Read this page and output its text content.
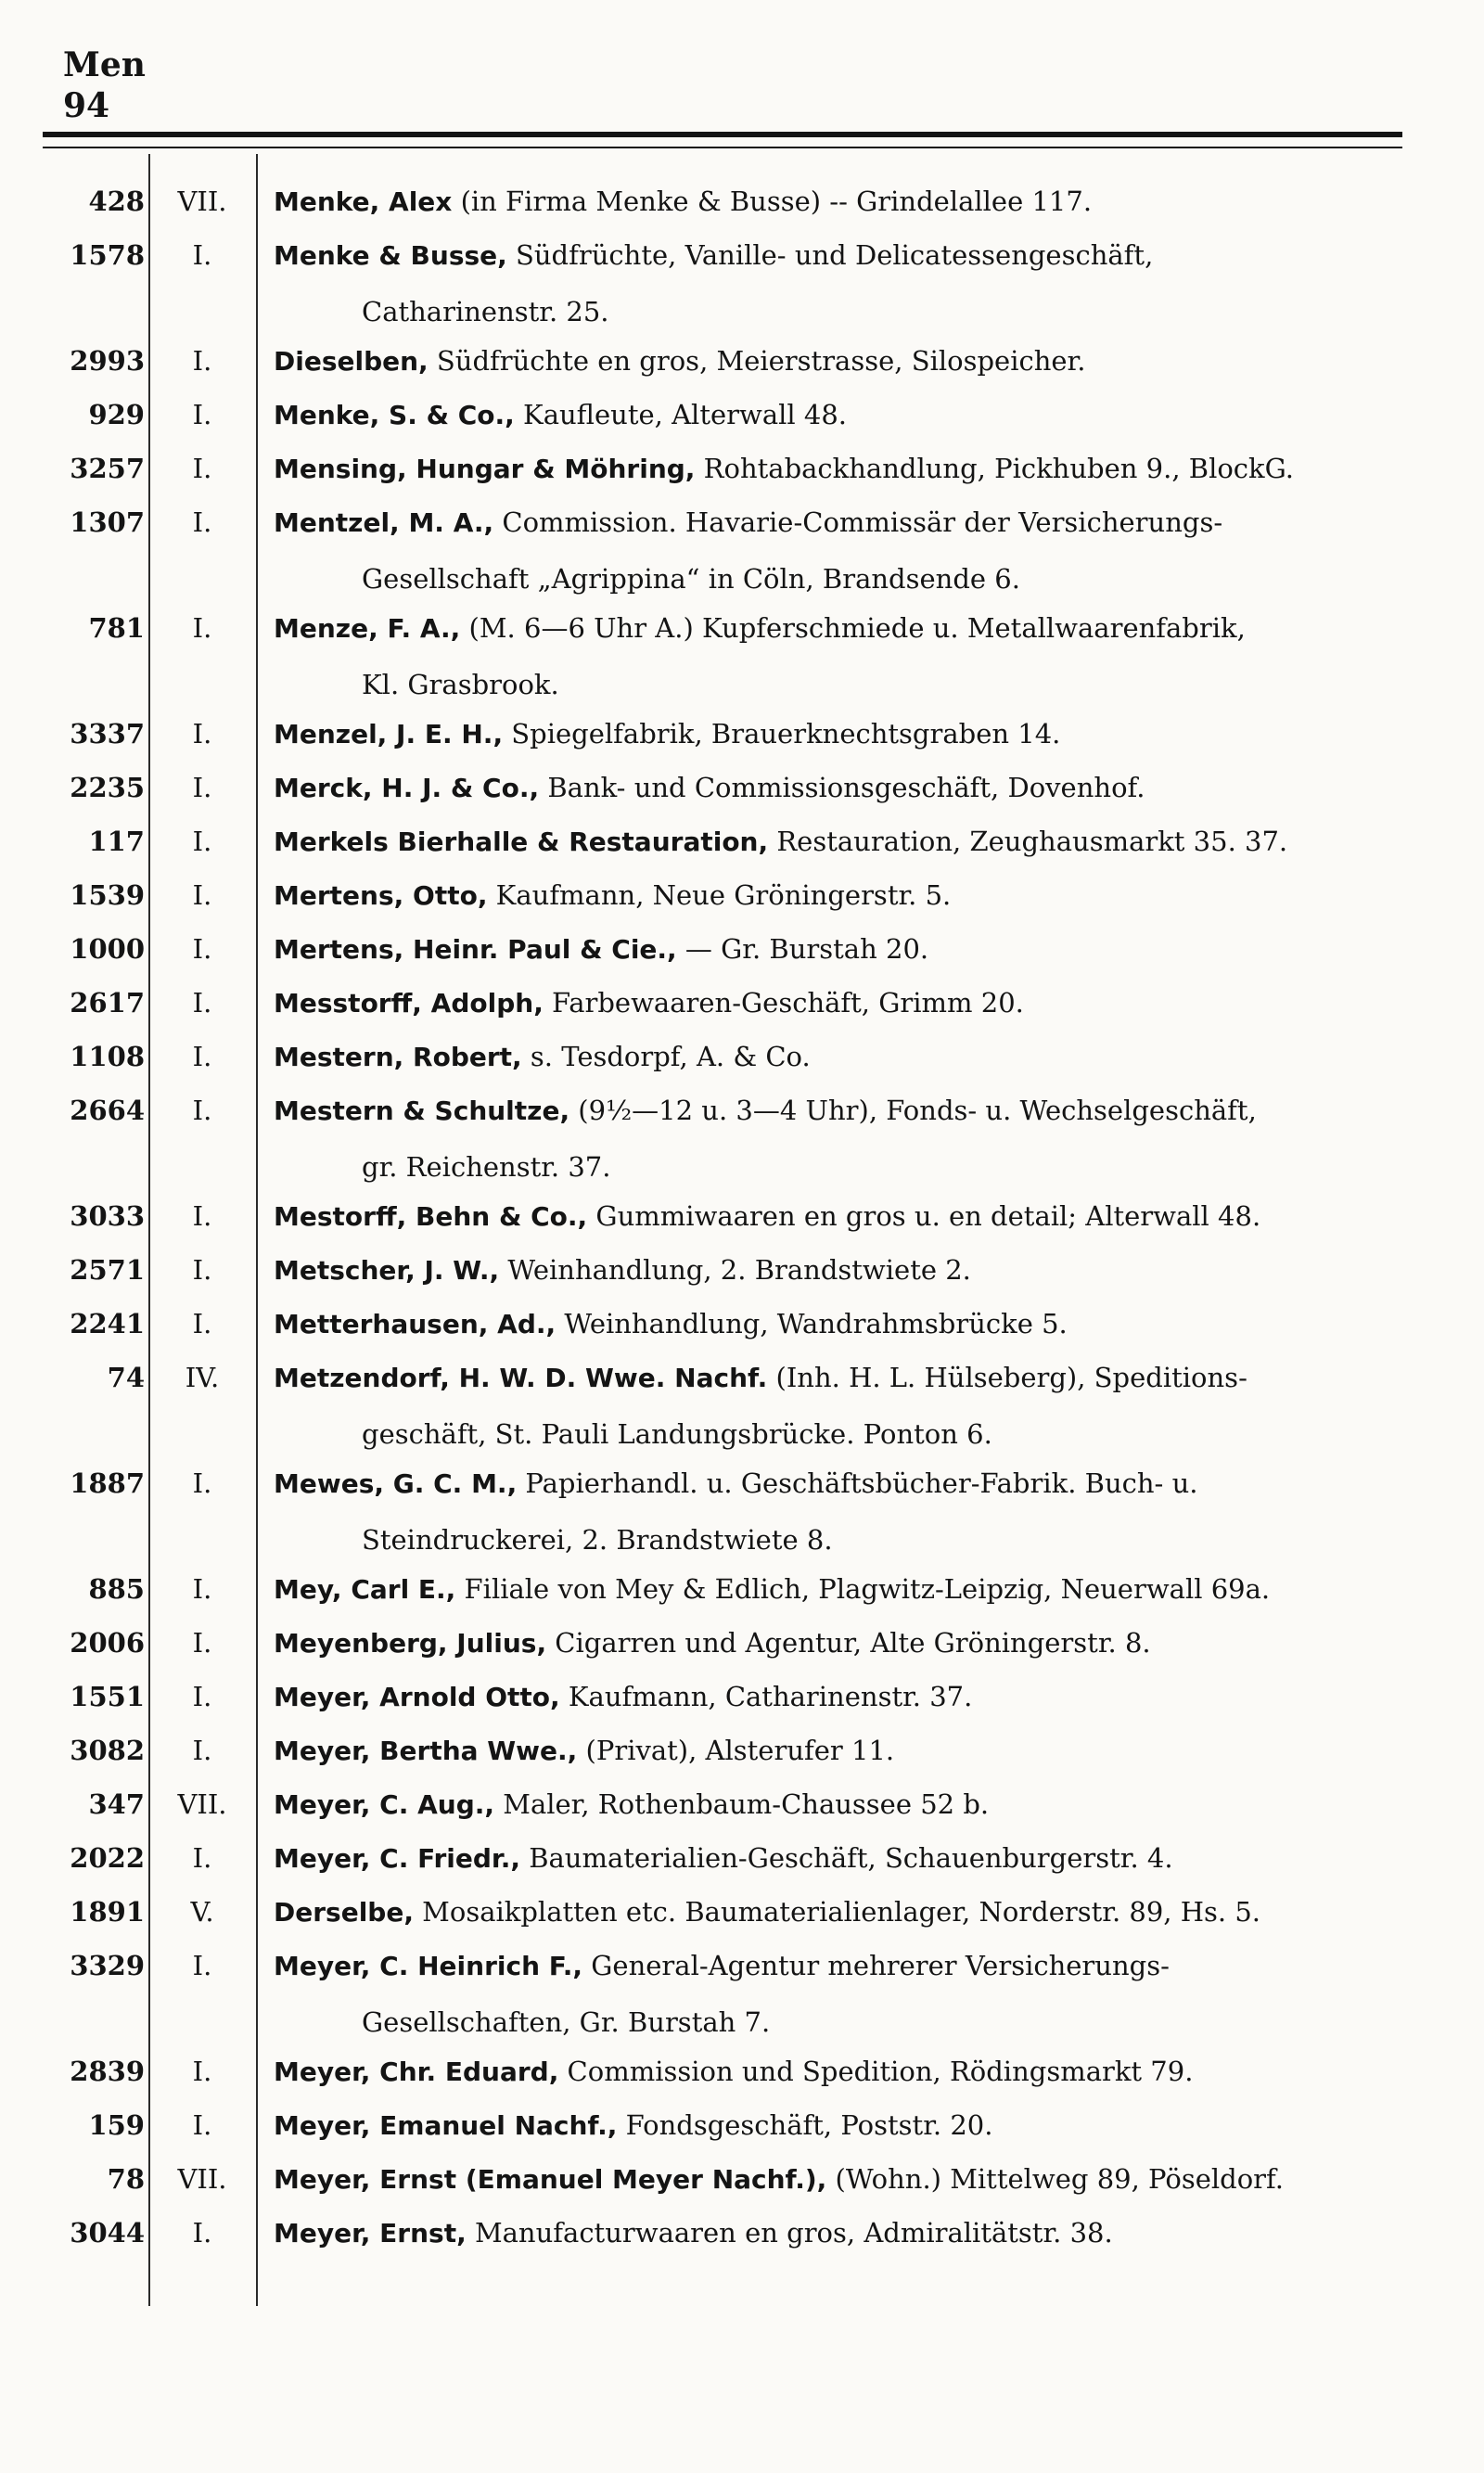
Men
94
428	VII.	Menke, Alex (in Firma Menke & Busse) -- Grindelallee 117.
1578	I.	Menke & Busse, Südfrüchte, Vanille- und Delicatessengeschäft,
Catharinenstr. 25.
2993	I.	Dieselben, Südfrüchte en gros, Meierstrasse, Silospeicher.
929	I.	Menke, S. & Co., Kaufleute, Alterwall 48.
3257	I.	Mensing, Hungar & Möhring, Rohtabackhandlung, Pickhuben 9., BlockG.
1307	I.	Mentzel, M. A., Commission. Havarie-Commissär der Versicherungs-
Gesellschaft „Agrippina“ in Cöln, Brandsende 6.
781	I.	Menze, F. A., (M. 6—6 Uhr A.) Kupferschmiede u. Metallwaarenfabrik,
Kl. Grasbrook.
3337	I.	Menzel, J. E. H., Spiegelfabrik, Brauerknechtsgraben 14.
2235	I.	Merck, H. J. & Co., Bank- und Commissionsgeschäft, Dovenhof.
117	I.	Merkels Bierhalle & Restauration, Restauration, Zeughausmarkt 35. 37.
1539	I.	Mertens, Otto, Kaufmann, Neue Gröningerstr. 5.
1000	I.	Mertens, Heinr. Paul & Cie., — Gr. Burstah 20.
2617	I.	Messtorff, Adolph, Farbewaaren-Geschäft, Grimm 20.
1108	I.	Mestern, Robert, s. Tesdorpf, A. & Co.
2664	I.	Mestern & Schultze, (9½—12 u. 3—4 Uhr), Fonds- u. Wechselgeschäft,
gr. Reichenstr. 37.
3033	I.	Mestorff, Behn & Co., Gummiwaaren en gros u. en detail; Alterwall 48.
2571	I.	Metscher, J. W., Weinhandlung, 2. Brandstwiete 2.
2241	I.	Metterhausen, Ad., Weinhandlung, Wandrahmsbrücke 5.
74	IV.	Metzendorf, H. W. D. Wwe. Nachf. (Inh. H. L. Hülseberg), Speditions-
geschäft, St. Pauli Landungsbrücke. Ponton 6.
1887	I.	Mewes, G. C. M., Papierhandl. u. Geschäftsbücher-Fabrik. Buch- u.
Steindruckerei, 2. Brandstwiete 8.
885	I.	Mey, Carl E., Filiale von Mey & Edlich, Plagwitz-Leipzig, Neuerwall 69a.
2006	I.	Meyenberg, Julius, Cigarren und Agentur, Alte Gröningerstr. 8.
1551	I.	Meyer, Arnold Otto, Kaufmann, Catharinenstr. 37.
3082	I.	Meyer, Bertha Wwe., (Privat), Alsterufer 11.
347	VII.	Meyer, C. Aug., Maler, Rothenbaum-Chaussee 52 b.
2022	I.	Meyer, C. Friedr., Baumaterialien-Geschäft, Schauenburgerstr. 4.
1891	V.	Derselbe, Mosaikplatten etc. Baumaterialienlager, Norderstr. 89, Hs. 5.
3329	I.	Meyer, C. Heinrich F., General-Agentur mehrerer Versicherungs-
Gesellschaften, Gr. Burstah 7.
2839	I.	Meyer, Chr. Eduard, Commission und Spedition, Rödingsmarkt 79.
159	I.	Meyer, Emanuel Nachf., Fondsgeschäft, Poststr. 20.
78	VII.	Meyer, Ernst (Emanuel Meyer Nachf.), (Wohn.) Mittelweg 89, Pöseldorf.
3044	I.	Meyer, Ernst, Manufacturwaaren en gros, Admiralitätstr. 38.
